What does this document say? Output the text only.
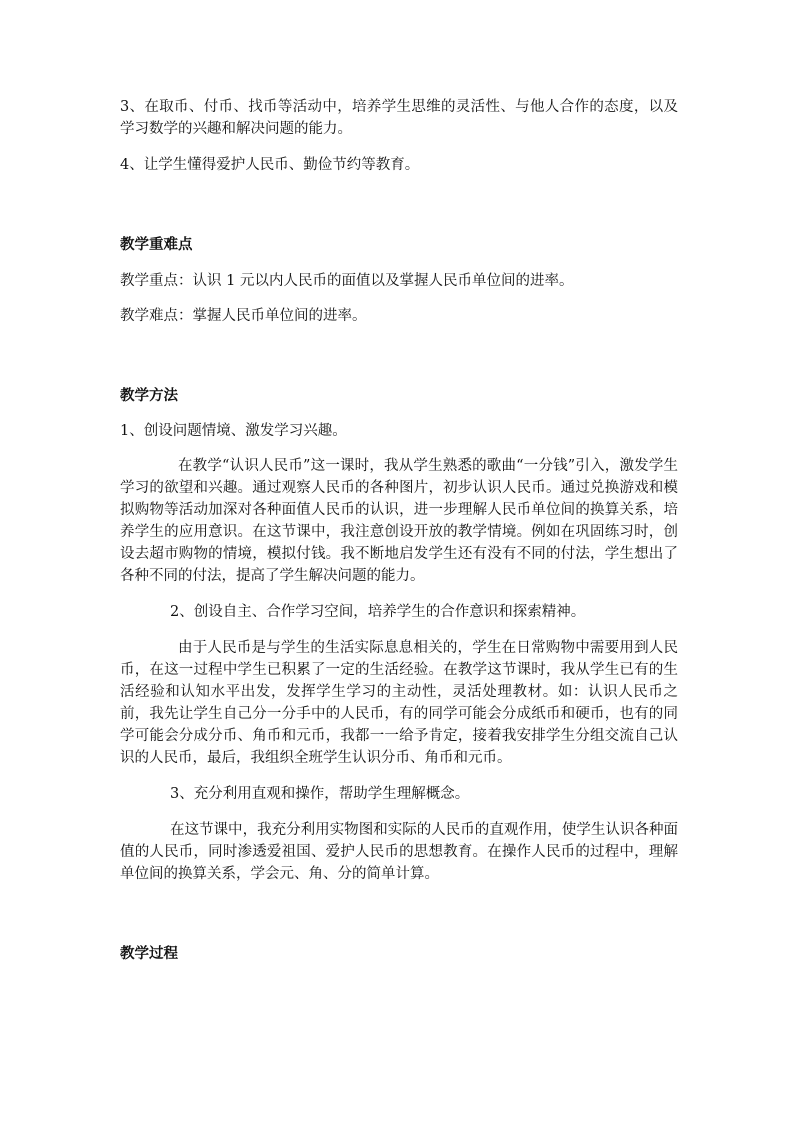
3、在取币、付币、找币等活动中，培养学生思维的灵活性、与他人合作的态度，以及学习数学的兴趣和解决问题的能力。

4、让学生懂得爱护人民币、勤俭节约等教育。

教学重难点

教学重点：认识 1 元以内人民币的面值以及掌握人民币单位间的进率。

教学难点：掌握人民币单位间的进率。

教学方法

1、创设问题情境、激发学习兴趣。

在教学“认识人民币”这一课时，我从学生熟悉的歌曲“一分钱”引入，激发学生学习的欲望和兴趣。通过观察人民币的各种图片，初步认识人民币。通过兑换游戏和模拟购物等活动加深对各种面值人民币的认识，进一步理解人民币单位间的换算关系，培养学生的应用意识。在这节课中，我注意创设开放的教学情境。例如在巩固练习时，创设去超市购物的情境，模拟付钱。我不断地启发学生还有没有不同的付法，学生想出了各种不同的付法，提高了学生解决问题的能力。

2、创设自主、合作学习空间，培养学生的合作意识和探索精神。

由于人民币是与学生的生活实际息息相关的，学生在日常购物中需要用到人民币，在这一过程中学生已积累了一定的生活经验。在教学这节课时，我从学生已有的生活经验和认知水平出发，发挥学生学习的主动性，灵活处理教材。如：认识人民币之前，我先让学生自己分一分手中的人民币，有的同学可能会分成纸币和硬币，也有的同学可能会分成分币、角币和元币，我都一一给予肯定，接着我安排学生分组交流自己认识的人民币，最后，我组织全班学生认识分币、角币和元币。

3、充分利用直观和操作，帮助学生理解概念。

在这节课中，我充分利用实物图和实际的人民币的直观作用，使学生认识各种面值的人民币，同时渗透爱祖国、爱护人民币的思想教育。在操作人民币的过程中，理解单位间的换算关系，学会元、角、分的简单计算。

教学过程
